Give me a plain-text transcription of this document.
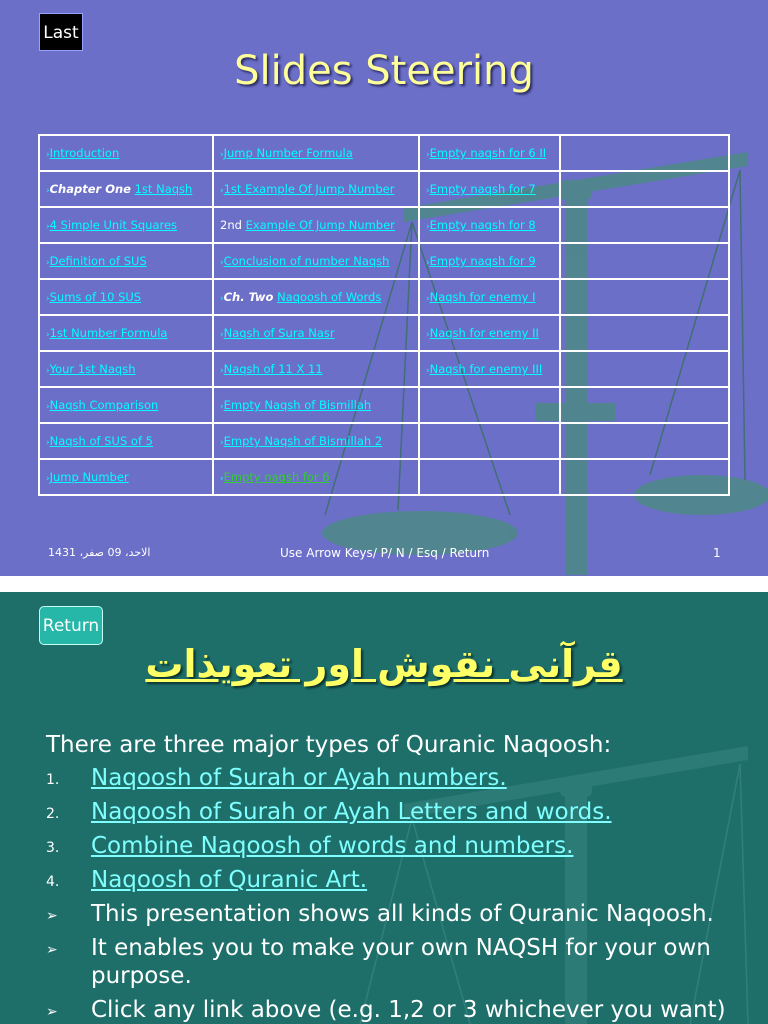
Last
Slides Steering
›Introduction	›Jump Number Formula	›Empty naqsh for 6 II	
›Chapter One 1st Naqsh	›1st Example Of Jump Number	›Empty naqsh for 7	
›4 Simple Unit Squares	2nd Example Of Jump Number	›Empty naqsh for 8	
›Definition of SUS	›Conclusion of number Naqsh	›Empty naqsh for 9	
›Sums of 10 SUS	›Ch. Two Naqoosh of Words	›Naqsh for enemy I	
›1st Number Formula	›Naqsh of Sura Nasr	›Naqsh for enemy II	
›Your 1st Naqsh	›Naqsh of 11 X 11	›Naqsh for enemy III	
›Naqsh Comparison	›Empty Naqsh of Bismillah		
›Naqsh of SUS of 5	›Empty Naqsh of Bismillah 2		
›Jump Number	›Empty naqsh for 6		
الاحد، 09 صفر، 1431	Use Arrow Keys/ P/ N / Esq / Return	1
Return
قرآنی نقوش اور تعویذات
There are three major types of Quranic Naqoosh:
1. Naqoosh of Surah or Ayah numbers.
2. Naqoosh of Surah or Ayah Letters and words.
3. Combine Naqoosh of words and numbers.
4. Naqoosh of Quranic Art.
➢ This presentation shows all kinds of Quranic Naqoosh.
➢ It enables you to make your own NAQSH for your own purpose.
➢ Click any link above (e.g. 1,2 or 3 whichever you want)
